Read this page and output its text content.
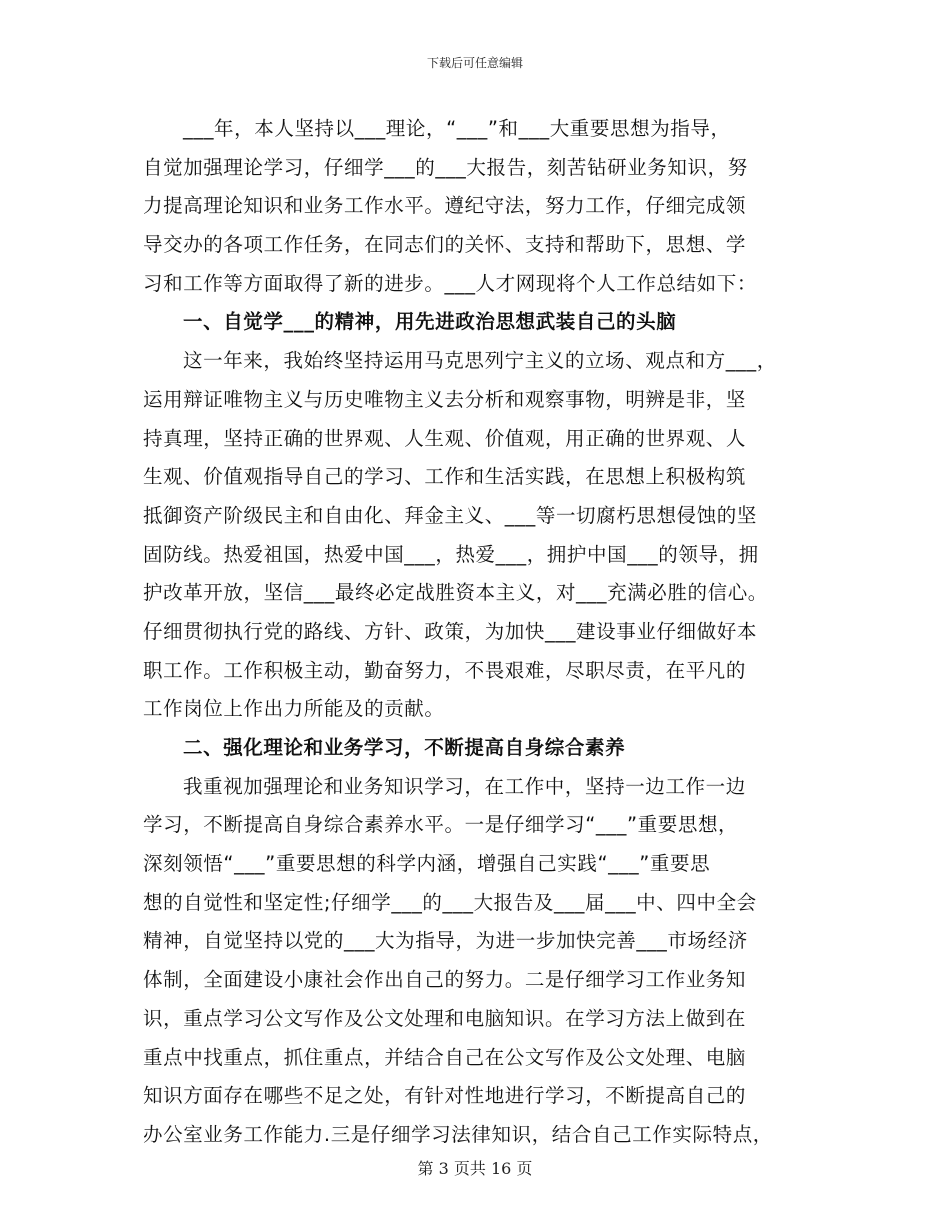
下载后可任意编辑
___年，本人坚持以___理论，“___”和___大重要思想为指导，
自觉加强理论学习，仔细学___的___大报告，刻苦钻研业务知识，努
力提高理论知识和业务工作水平。遵纪守法，努力工作，仔细完成领
导交办的各项工作任务，在同志们的关怀、支持和帮助下，思想、学
习和工作等方面取得了新的进步。___人才网现将个人工作总结如下：
一、自觉学___的精神，用先进政治思想武装自己的头脑
这一年来，我始终坚持运用马克思列宁主义的立场、观点和方___，
运用辩证唯物主义与历史唯物主义去分析和观察事物，明辨是非，坚
持真理，坚持正确的世界观、人生观、价值观，用正确的世界观、人
生观、价值观指导自己的学习、工作和生活实践，在思想上积极构筑
抵御资产阶级民主和自由化、拜金主义、___等一切腐朽思想侵蚀的坚
固防线。热爱祖国，热爱中国___，热爱___，拥护中国___的领导，拥
护改革开放，坚信___最终必定战胜资本主义，对___充满必胜的信心。
仔细贯彻执行党的路线、方针、政策，为加快___建设事业仔细做好本
职工作。工作积极主动，勤奋努力，不畏艰难，尽职尽责，在平凡的
工作岗位上作出力所能及的贡献。
二、强化理论和业务学习，不断提高自身综合素养
我重视加强理论和业务知识学习，在工作中，坚持一边工作一边
学习，不断提高自身综合素养水平。一是仔细学习“___”重要思想，
深刻领悟“___”重要思想的科学内涵，增强自己实践“___”重要思
想的自觉性和坚定性;仔细学___的___大报告及___届___中、四中全会
精神，自觉坚持以党的___大为指导，为进一步加快完善___市场经济
体制，全面建设小康社会作出自己的努力。二是仔细学习工作业务知
识，重点学习公文写作及公文处理和电脑知识。在学习方法上做到在
重点中找重点，抓住重点，并结合自己在公文写作及公文处理、电脑
知识方面存在哪些不足之处，有针对性地进行学习，不断提高自己的
办公室业务工作能力.三是仔细学习法律知识，结合自己工作实际特点，
第 3 页共 16 页
